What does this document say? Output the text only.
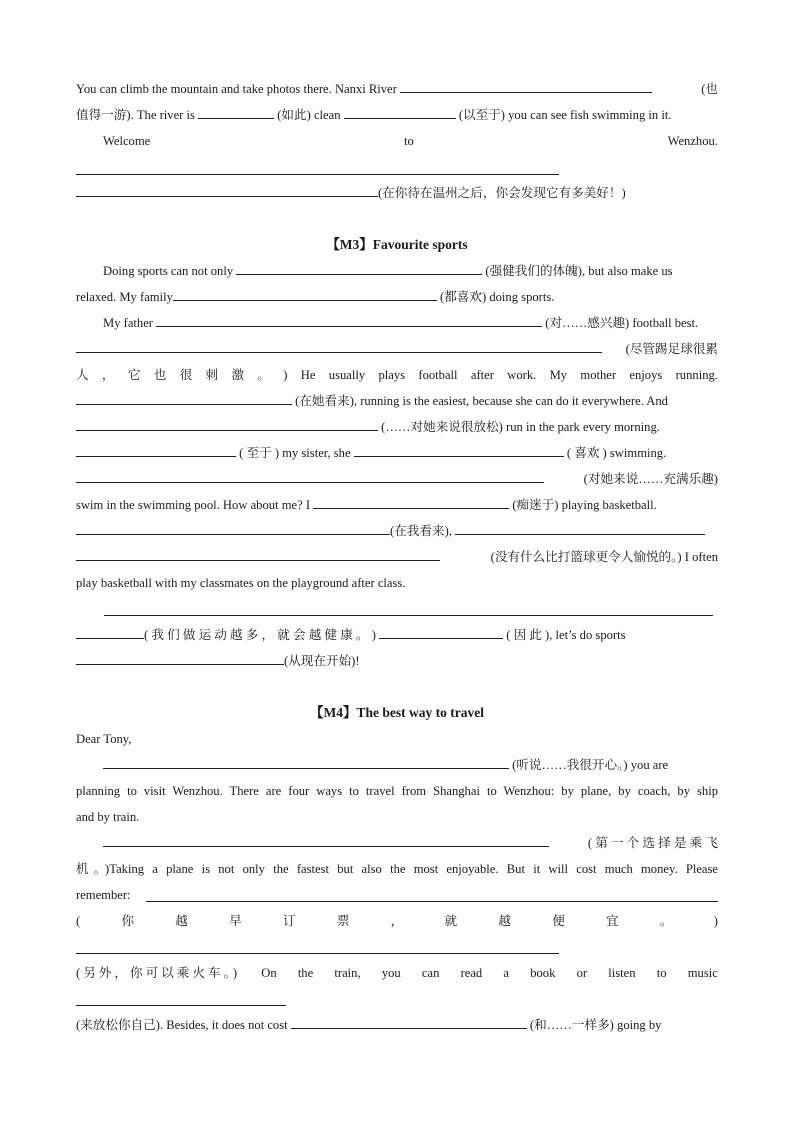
You can climb the mountain and take photos there. Nanxi River	(也
值得一游). The river is	(如此) clean	(以至于) you can see fish swimming in it.
Welcome	to	Wenzhou.
(在你待在温州之后，你会发现它有多美好！)
【M3】Favourite sports
Doing sports can not only	(强健我们的体魄), but also make us
relaxed. My family	(都喜欢) doing sports.
My father	(对……感兴趣) football best.
(尽管踢足球很累
人 ， 它 也 很 刺 激 。 ) He usually plays football after work. My mother enjoys running.
(在她看来), running is the easiest, because she can do it everywhere. And
(……对她来说很放松) run in the park every morning.
( 至于 ) my sister, she	( 喜欢 ) swimming.
(对她来说……充满乐趣)
swim in the swimming pool. How about me? I	(痴迷于) playing basketball.
(在我看来),
(没有什么比打篮球更令人愉悦的。) I often
play basketball with my classmates on the playground after class.
( 我 们 做 运 动 越 多 ， 就 会 越 健 康 。 )	( 因 此 ), let’s do sports
(从现在开始)!
【M4】The best way to travel
Dear Tony,
(听说……我很开心。) you are
planning to visit Wenzhou. There are four ways to travel from Shanghai to Wenzhou: by plane, by coach, by ship
and by train.
( 第 一 个 选 择 是 乘 飞
机。)Taking a plane is not only the fastest but also the most enjoyable. But it will cost much money. Please
remember:
(	你	越	早	订	票	，	就	越	便	宜	。	)
(另外，你可以乘火车。) On the train, you can read a book or listen to music
(来放松你自己). Besides, it does not cost	(和……一样多) going by
